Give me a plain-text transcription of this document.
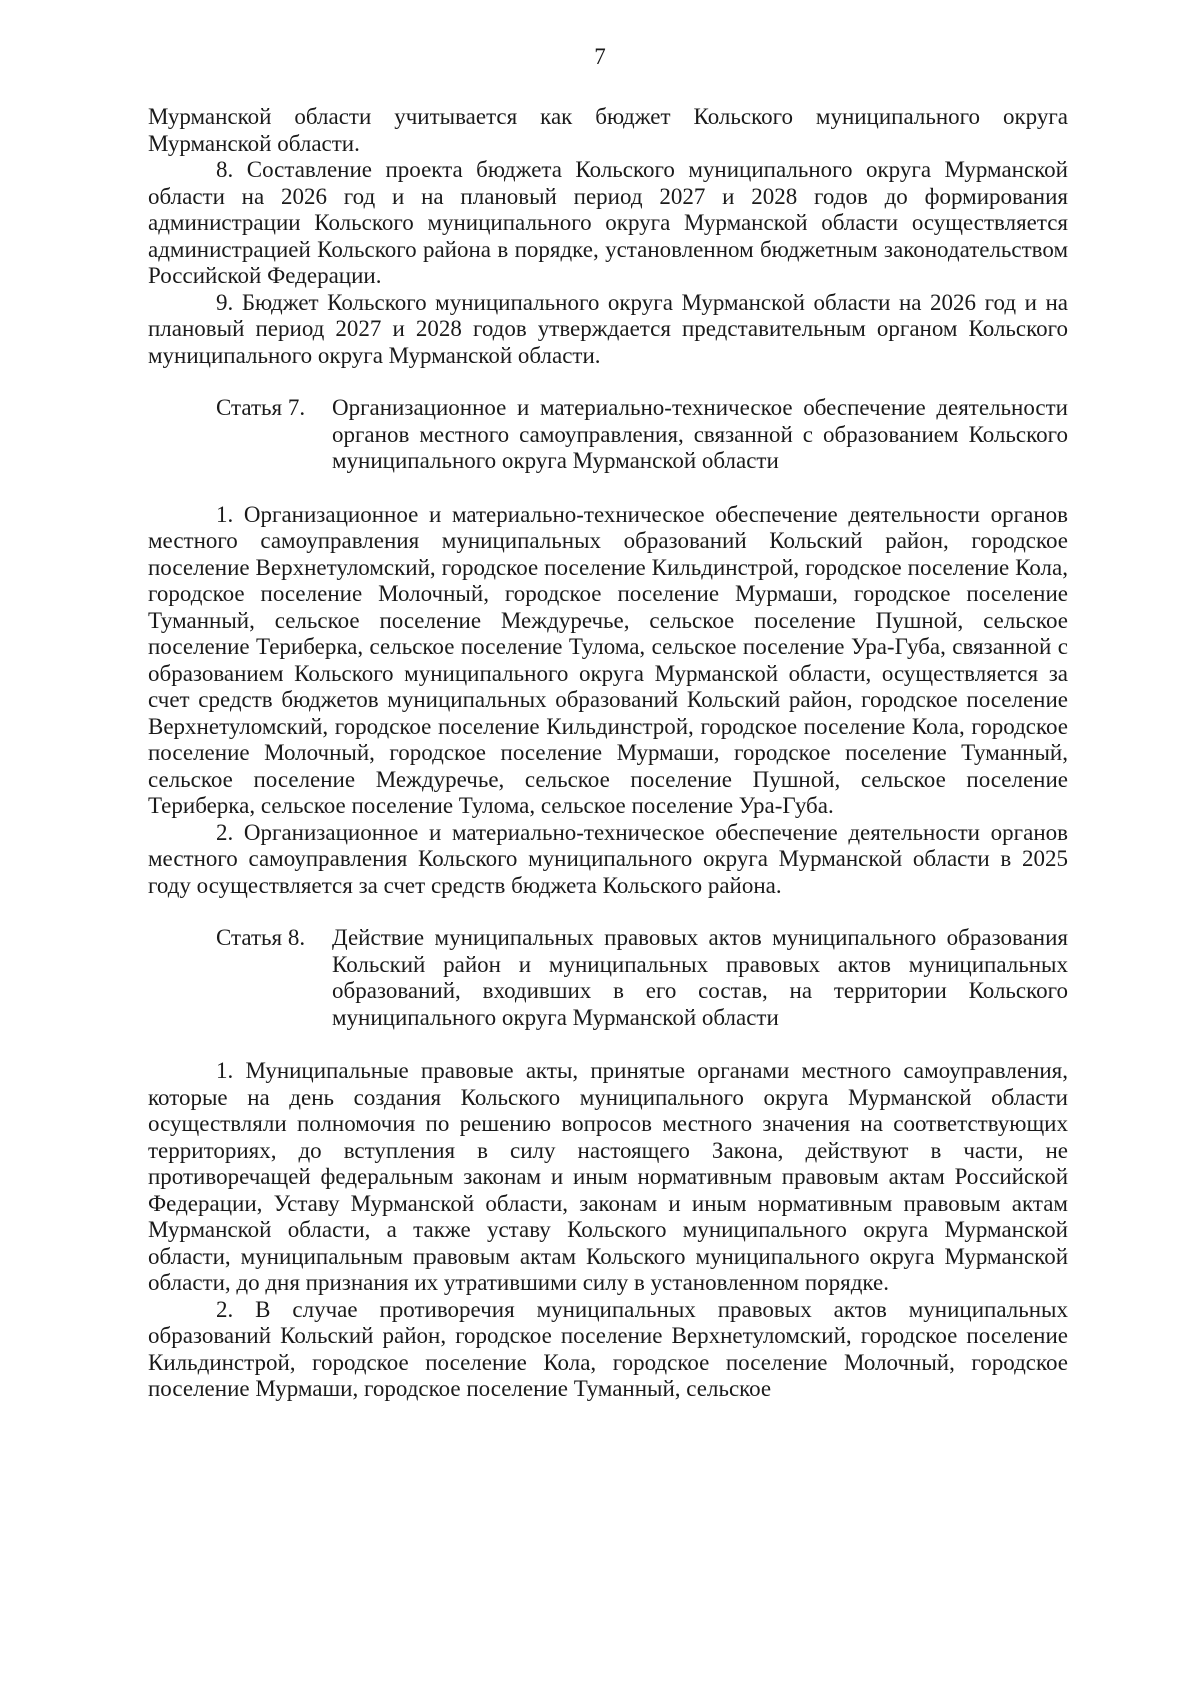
7

Мурманской области учитывается как бюджет Кольского муниципального округа Мурманской области.

8. Составление проекта бюджета Кольского муниципального округа Мурманской области на 2026 год и на плановый период 2027 и 2028 годов до формирования администрации Кольского муниципального округа Мурманской области осуществляется администрацией Кольского района в порядке, установленном бюджетным законодательством Российской Федерации.

9. Бюджет Кольского муниципального округа Мурманской области на 2026 год и на плановый период 2027 и 2028 годов утверждается представительным органом Кольского муниципального округа Мурманской области.

Статья 7.	Организационное и материально-техническое обеспечение деятельности органов местного самоуправления, связанной с образованием Кольского муниципального округа Мурманской области

1. Организационное и материально-техническое обеспечение деятельности органов местного самоуправления муниципальных образований Кольский район, городское поселение Верхнетуломский, городское поселение Кильдинстрой, городское поселение Кола, городское поселение Молочный, городское поселение Мурмаши, городское поселение Туманный, сельское поселение Междуречье, сельское поселение Пушной, сельское поселение Териберка, сельское поселение Тулома, сельское поселение Ура-Губа, связанной с образованием Кольского муниципального округа Мурманской области, осуществляется за счет средств бюджетов муниципальных образований Кольский район, городское поселение Верхнетуломский, городское поселение Кильдинстрой, городское поселение Кола, городское поселение Молочный, городское поселение Мурмаши, городское поселение Туманный, сельское поселение Междуречье, сельское поселение Пушной, сельское поселение Териберка, сельское поселение Тулома, сельское поселение Ура-Губа.

2. Организационное и материально-техническое обеспечение деятельности органов местного самоуправления Кольского муниципального округа Мурманской области в 2025 году осуществляется за счет средств бюджета Кольского района.

Статья 8.	Действие муниципальных правовых актов муниципального образования Кольский район и муниципальных правовых актов муниципальных образований, входивших в его состав, на территории Кольского муниципального округа Мурманской области

1. Муниципальные правовые акты, принятые органами местного самоуправления, которые на день создания Кольского муниципального округа Мурманской области осуществляли полномочия по решению вопросов местного значения на соответствующих территориях, до вступления в силу настоящего Закона, действуют в части, не противоречащей федеральным законам и иным нормативным правовым актам Российской Федерации, Уставу Мурманской области, законам и иным нормативным правовым актам Мурманской области, а также уставу Кольского муниципального округа Мурманской области, муниципальным правовым актам Кольского муниципального округа Мурманской области, до дня признания их утратившими силу в установленном порядке.

2. В случае противоречия муниципальных правовых актов муниципальных образований Кольский район, городское поселение Верхнетуломский, городское поселение Кильдинстрой, городское поселение Кола, городское поселение Молочный, городское поселение Мурмаши, городское поселение Туманный, сельское
